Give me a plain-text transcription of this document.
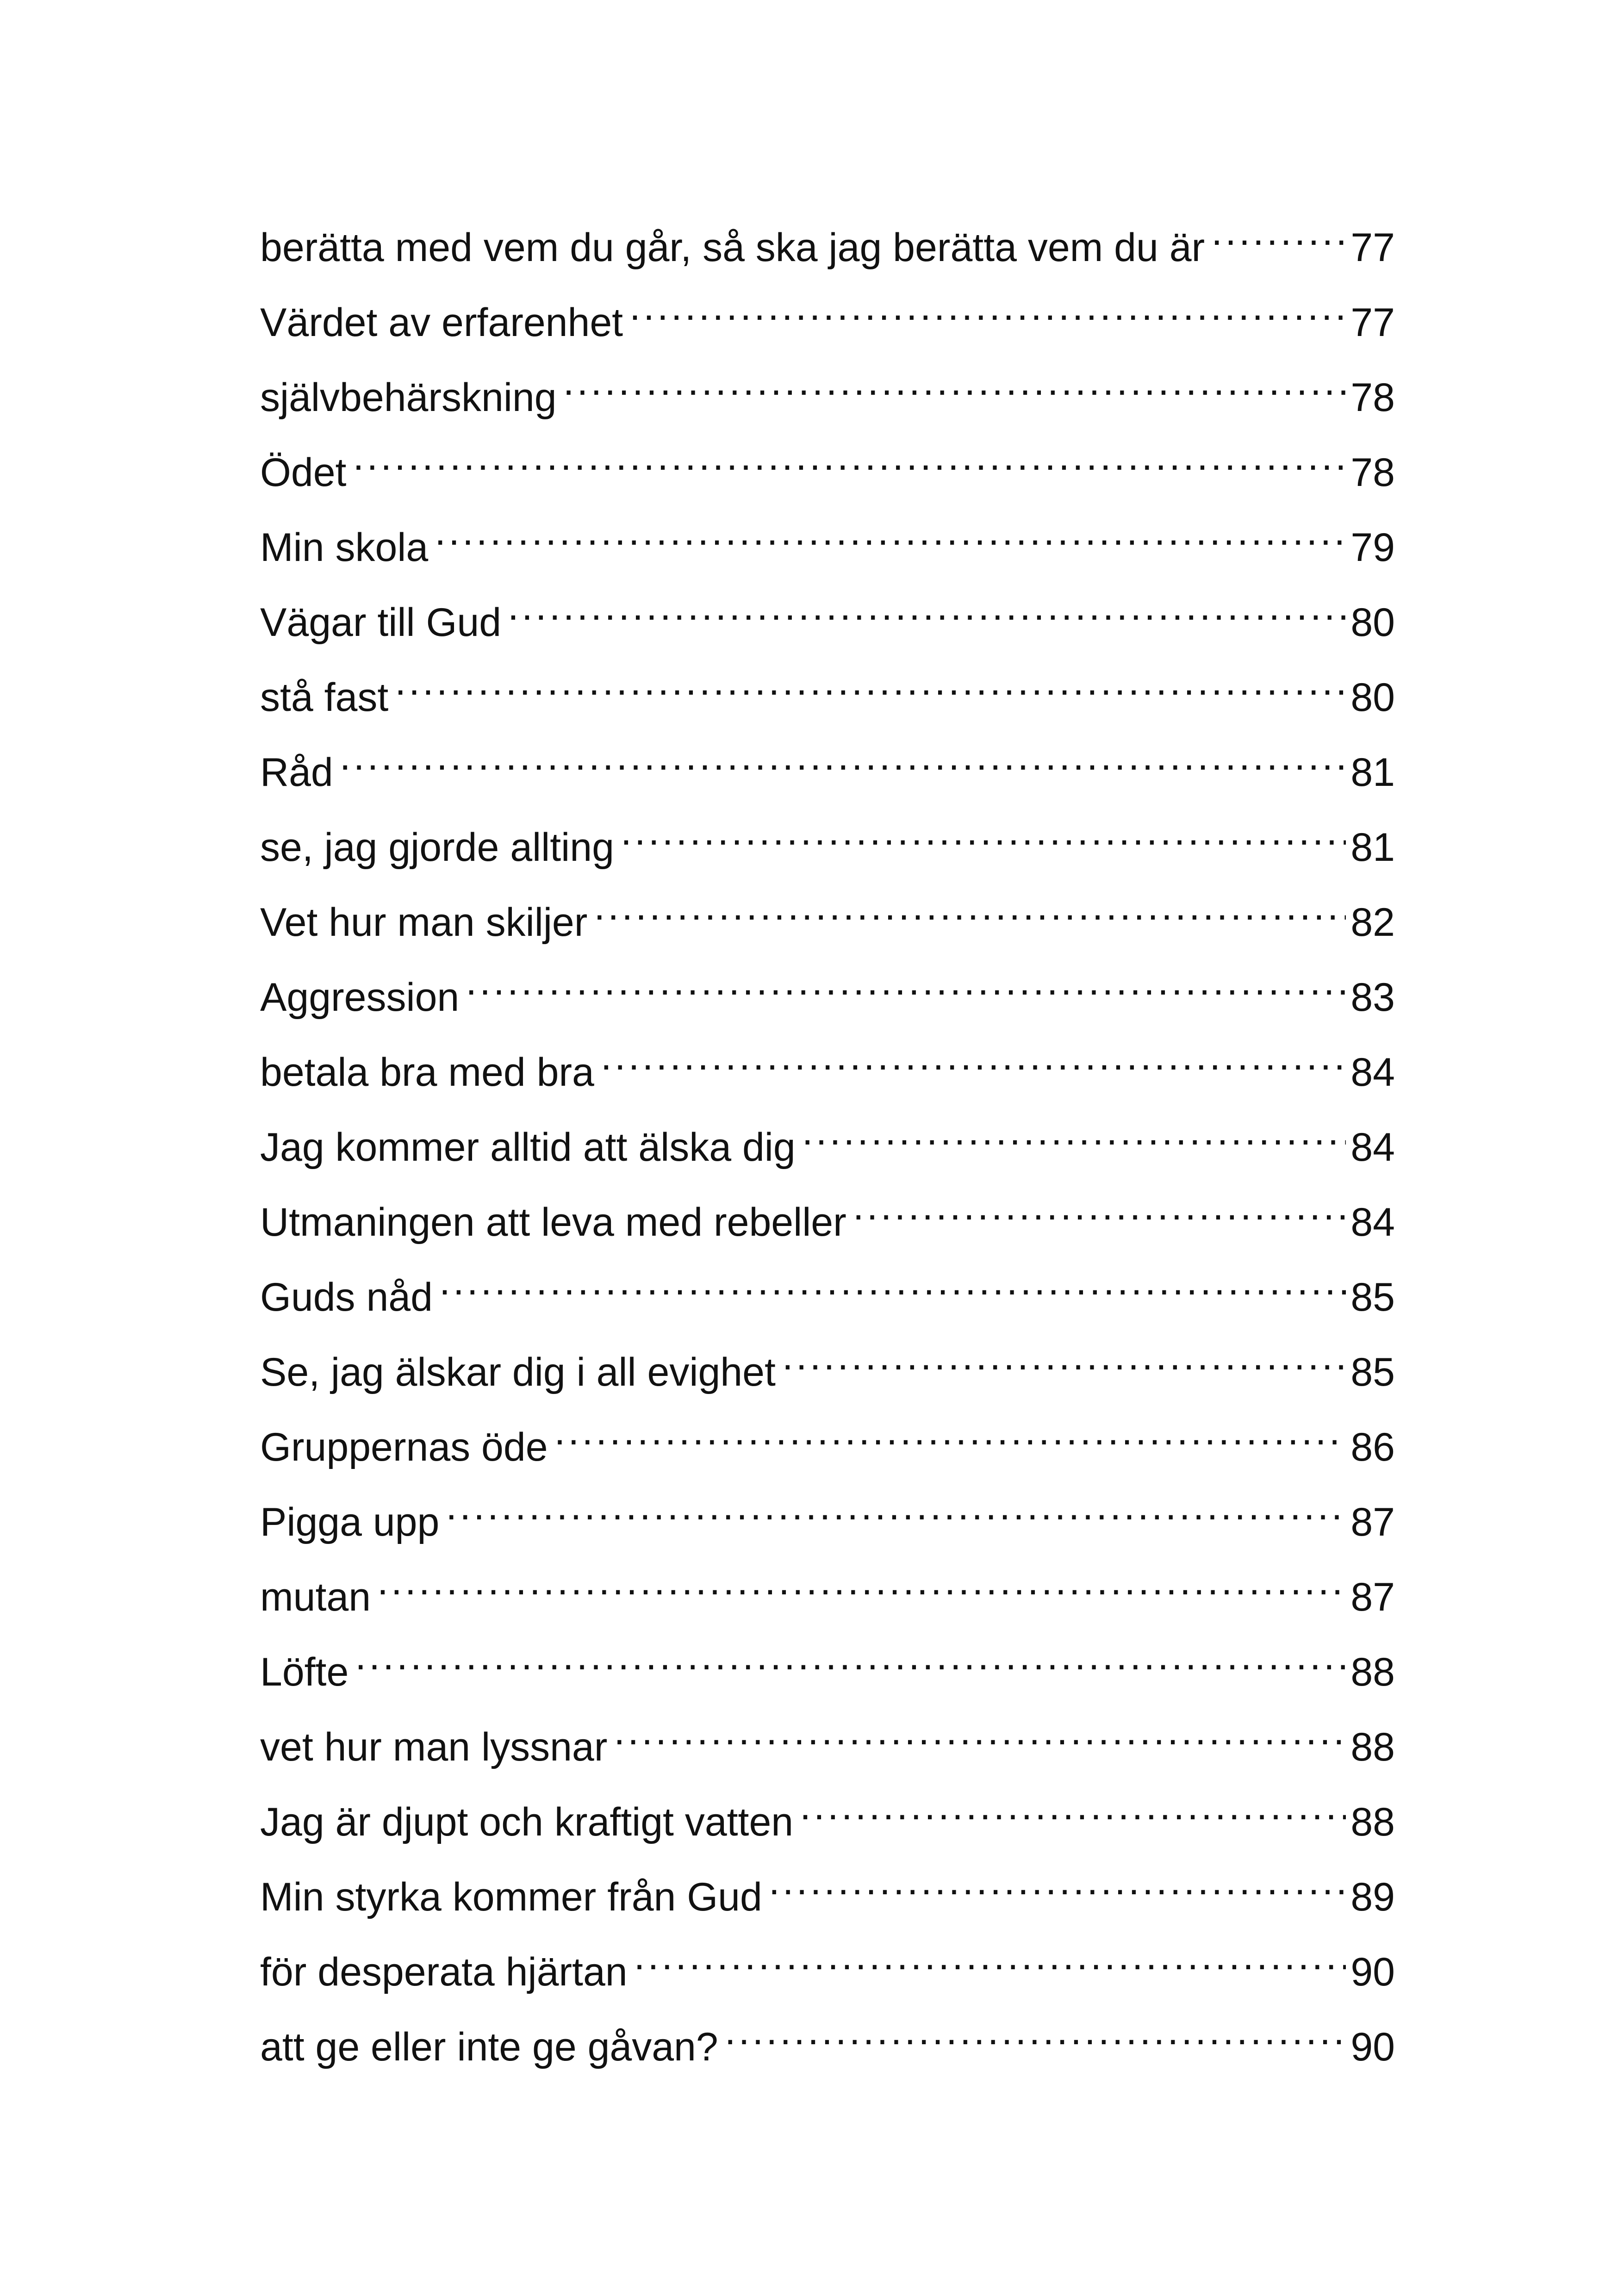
berätta med vem du går, så ska jag berätta vem du är .....	77
Värdet av erfarenhet .....	77
självbehärskning .....	78
Ödet .....	78
Min skola .....	79
Vägar till Gud .....	80
stå fast .....	80
Råd .....	81
se, jag gjorde allting .....	81
Vet hur man skiljer .....	82
Aggression .....	83
betala bra med bra .....	84
Jag kommer alltid att älska dig .....	84
Utmaningen att leva med rebeller .....	84
Guds nåd .....	85
Se, jag älskar dig i all evighet .....	85
Gruppernas öde .....	86
Pigga upp .....	87
mutan .....	87
Löfte .....	88
vet hur man lyssnar .....	88
Jag är djupt och kraftigt vatten .....	88
Min styrka kommer från Gud .....	89
för desperata hjärtan .....	90
att ge eller inte ge gåvan? .....	90
